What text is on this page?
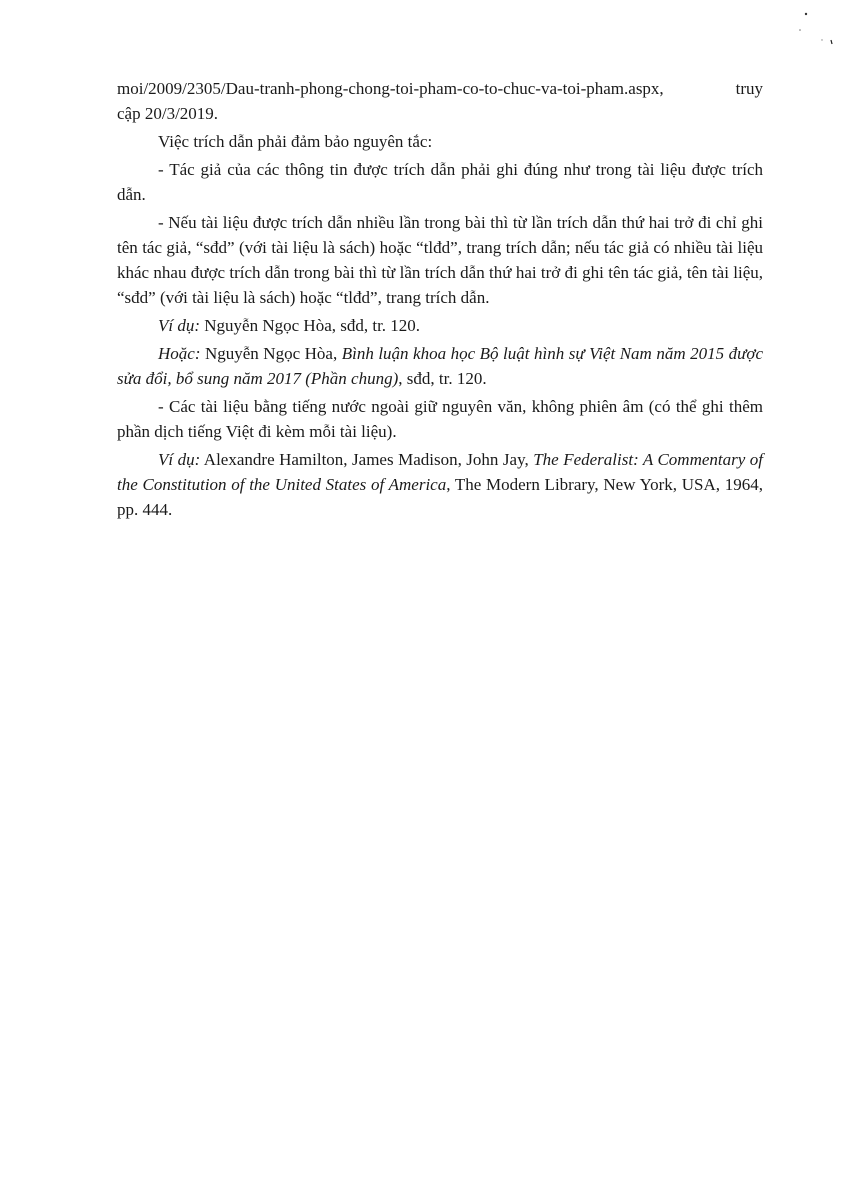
moi/2009/2305/Dau-tranh-phong-chong-toi-pham-co-to-chuc-va-toi-pham.aspx,	truy

cập 20/3/2019.

Việc trích dẫn phải đảm bảo nguyên tắc:

- Tác giả của các thông tin được trích dẫn phải ghi đúng như trong tài liệu được trích dẫn.

- Nếu tài liệu được trích dẫn nhiều lần trong bài thì từ lần trích dẫn thứ hai trở đi chỉ ghi tên tác giả, “sđd” (với tài liệu là sách) hoặc “tlđd”, trang trích dẫn; nếu tác giả có nhiều tài liệu khác nhau được trích dẫn trong bài thì từ lần trích dẫn thứ hai trở đi ghi tên tác giả, tên tài liệu, “sđd” (với tài liệu là sách) hoặc “tlđd”, trang trích dẫn.

Ví dụ: Nguyễn Ngọc Hòa, sđd, tr. 120.

Hoặc: Nguyễn Ngọc Hòa, Bình luận khoa học Bộ luật hình sự Việt Nam năm 2015 được sửa đổi, bổ sung năm 2017 (Phần chung), sđd, tr. 120.

- Các tài liệu bằng tiếng nước ngoài giữ nguyên văn, không phiên âm (có thể ghi thêm phần dịch tiếng Việt đi kèm mỗi tài liệu).

Ví dụ: Alexandre Hamilton, James Madison, John Jay, The Federalist: A Commentary of the Constitution of the United States of America, The Modern Library, New York, USA, 1964, pp. 444.
